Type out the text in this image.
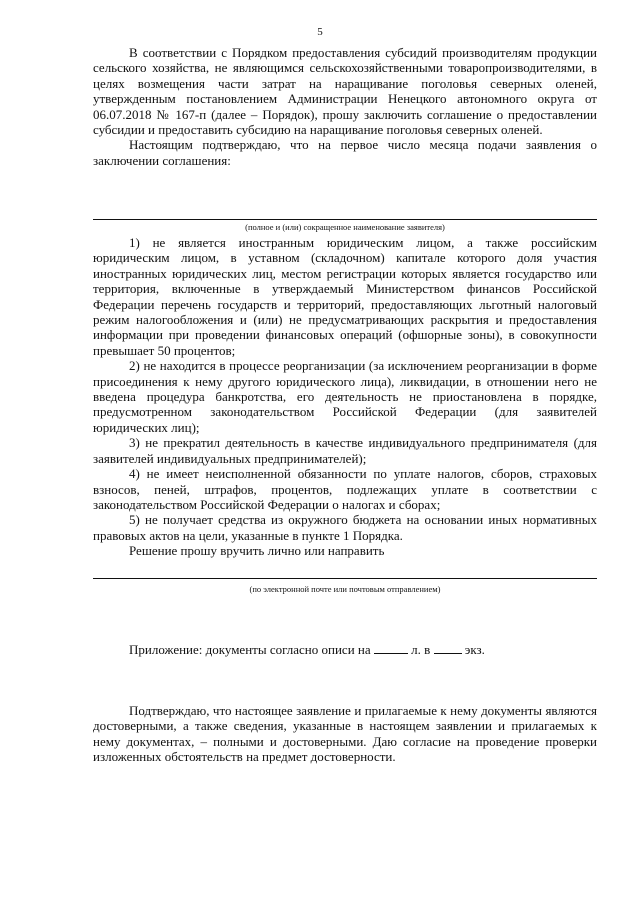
5

В соответствии с Порядком предоставления субсидий производителям продукции сельского хозяйства, не являющимся сельскохозяйственными товаропроизводителями, в целях возмещения части затрат на наращивание поголовья северных оленей, утвержденным постановлением Администрации Ненецкого автономного округа от 06.07.2018 № 167-п (далее – Порядок), прошу заключить соглашение о предоставлении субсидии и предоставить субсидию на наращивание поголовья северных оленей.

Настоящим подтверждаю, что на первое число месяца подачи заявления о заключении соглашения:

(полное и (или) сокращенное наименование заявителя)

1) не является иностранным юридическим лицом, а также российским юридическим лицом, в уставном (складочном) капитале которого доля участия иностранных юридических лиц, местом регистрации которых является государство или территория, включенные в утверждаемый Министерством финансов Российской Федерации перечень государств и территорий, предоставляющих льготный налоговый режим налогообложения и (или) не предусматривающих раскрытия и предоставления информации при проведении финансовых операций (офшорные зоны), в совокупности превышает 50 процентов;

2) не находится в процессе реорганизации (за исключением реорганизации в форме присоединения к нему другого юридического лица), ликвидации, в отношении него не введена процедура банкротства, его деятельность не приостановлена в порядке, предусмотренном законодательством Российской Федерации (для заявителей юридических лиц);

3) не прекратил деятельность в качестве индивидуального предпринимателя (для заявителей индивидуальных предпринимателей);

4) не имеет неисполненной обязанности по уплате налогов, сборов, страховых взносов, пеней, штрафов, процентов, подлежащих уплате в соответствии с законодательством Российской Федерации о налогах и сборах;

5) не получает средства из окружного бюджета на основании иных нормативных правовых актов на цели, указанные в пункте 1 Порядка.

Решение прошу вручить лично или направить

(по электронной почте или почтовым отправлением)
Приложение: документы согласно описи на	л. в	экз.

Подтверждаю, что настоящее заявление и прилагаемые к нему документы являются достоверными, а также сведения, указанные в настоящем заявлении и прилагаемых к нему документах, – полными и достоверными. Даю согласие на проведение проверки изложенных обстоятельств на предмет достоверности.
